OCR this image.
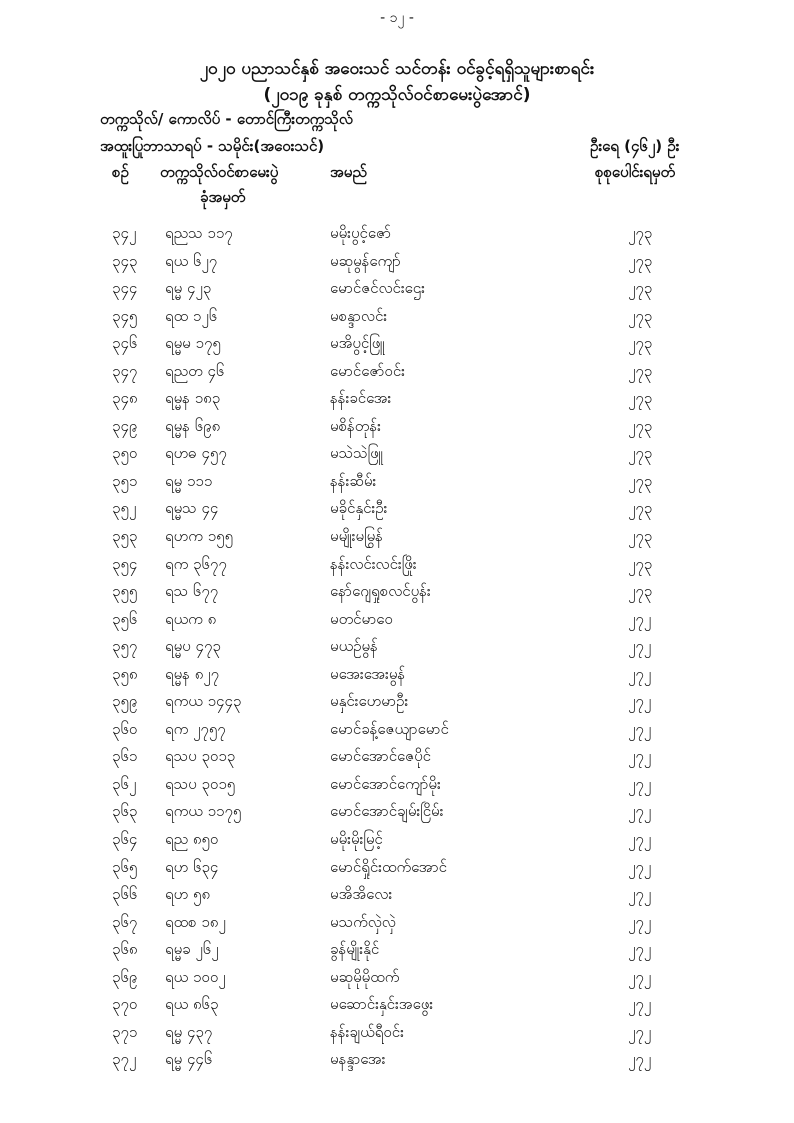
- ၁၂ -
၂၀၂၀ ပညာသင်နှစ် အဝေးသင် သင်တန်း ဝင်ခွင့်ရရှိသူများစာရင်း
(၂၀၁၉ ခုနှစ် တက္ကသိုလ်ဝင်စာမေးပွဲအောင်)
တက္ကသိုလ်/ ကောလိပ် - တောင်ကြီးတက္ကသိုလ်
အထူးပြုဘာသာရပ် - သမိုင်း(အဝေးသင်)	ဦးရေ (၄၆၂) ဦး
စဉ် တက္ကသိုလ်ဝင်စာမေးပွဲ
ခုံအမှတ်
အမည်	စုစုပေါင်းရမှတ်
၃၄၂ ရညသ ၁၁၇	မမိုးပွင့်ဇော်	၂၇၃
၃၄၃ ရယ ၆၂၇	မဆုမွန်ကျော်	၂၇၃
၃၄၄ ရမ္မ ၄၂၃	မောင်ဇင်လင်းဌေး	၂၇၃
၃၄၅ ရထ ၁၂၆	မစန္ဒာလင်း	၂၇၃
၃၄၆ ရမ္မမ ၁၇၅	မအိပွင့်ဖြူ	၂၇၃
၃၄၇ ရညတ ၄၆	မောင်ဇော်ဝင်း	၂၇၃
၃၄၈ ရမ္မန ၁၈၃	နန်းခင်အေး	၂၇၃
၃၄၉ ရမ္မန ၆၉၈	မစိန်တုန်း	၂၇၃
၃၅၀ ရဟဓ ၄၅၇	မသဲသဲဖြူ	၂၇၃
၃၅၁ ရမ္မ ၁၁၁	နန်းဆီမ်း	၂၇၃
၃၅၂ ရမ္မသ ၄၄	မခိုင်နှင်းဦး	၂၇၃
၃၅၃ ရဟက ၁၅၅	မမျိုးမမြွန်	၂၇၃
၃၅၄ ရက ၃၆၇၇	နန်းလင်းလင်းဖြိုး	၂၇၃
၃၅၅ ရသ ၆၇၇	နော်ဂျေရှုစလင်ပွန်း	၂၇၃
၃၅၆ ရယက ၈	မတင်မာဝေ	၂၇၂
၃၅၇ ရမ္မပ ၄၇၃	မယဉ်မွန်	၂၇၂
၃၅၈ ရမ္မန ၈၂၇	မအေးအေးမွန်	၂၇၂
၃၅၉ ရကယ ၁၄၄၃	မနှင်းဟေမာဦး	၂၇၂
၃၆၀ ရက ၂၇၅၇	မောင်ခန့်ဇေယျာမောင်	၂၇၂
၃၆၁ ရသပ ၃၀၁၃	မောင်အောင်ဇေပိုင်	၂၇၂
၃၆၂ ရသပ ၃၀၁၅	မောင်အောင်ကျော်မိုး	၂၇၂
၃၆၃ ရကယ ၁၁၇၅	မောင်အောင်ချမ်းငြိမ်း	၂၇၂
၃၆၄ ရည ၈၅၀	မမိုးမိုးမြင့်	၂၇၂
၃၆၅ ရဟ ၆၃၄	မောင်ရှိုင်းထက်အောင်	၂၇၂
၃၆၆ ရဟ ၅၈	မအိအိလေး	၂၇၂
၃၆၇ ရထစ ၁၈၂	မသက်လှဲလှဲ	၂၇၂
၃၆၈ ရမ္မခ ၂၆၂	ခွန်မျိုးနိုင်	၂၇၂
၃၆၉ ရယ ၁၀၀၂	မဆုမိုမိုထက်	၂၇၂
၃၇၀ ရယ ၈၆၃	မဆောင်းနှင်းအဖွေး	၂၇၂
၃၇၁ ရမ္မ ၄၃၇	နန်းချယ်ရီဝင်း	၂၇၂
၃၇၂ ရမ္မ ၄၄၆	မနန္ဒာအေး	၂၇၂
